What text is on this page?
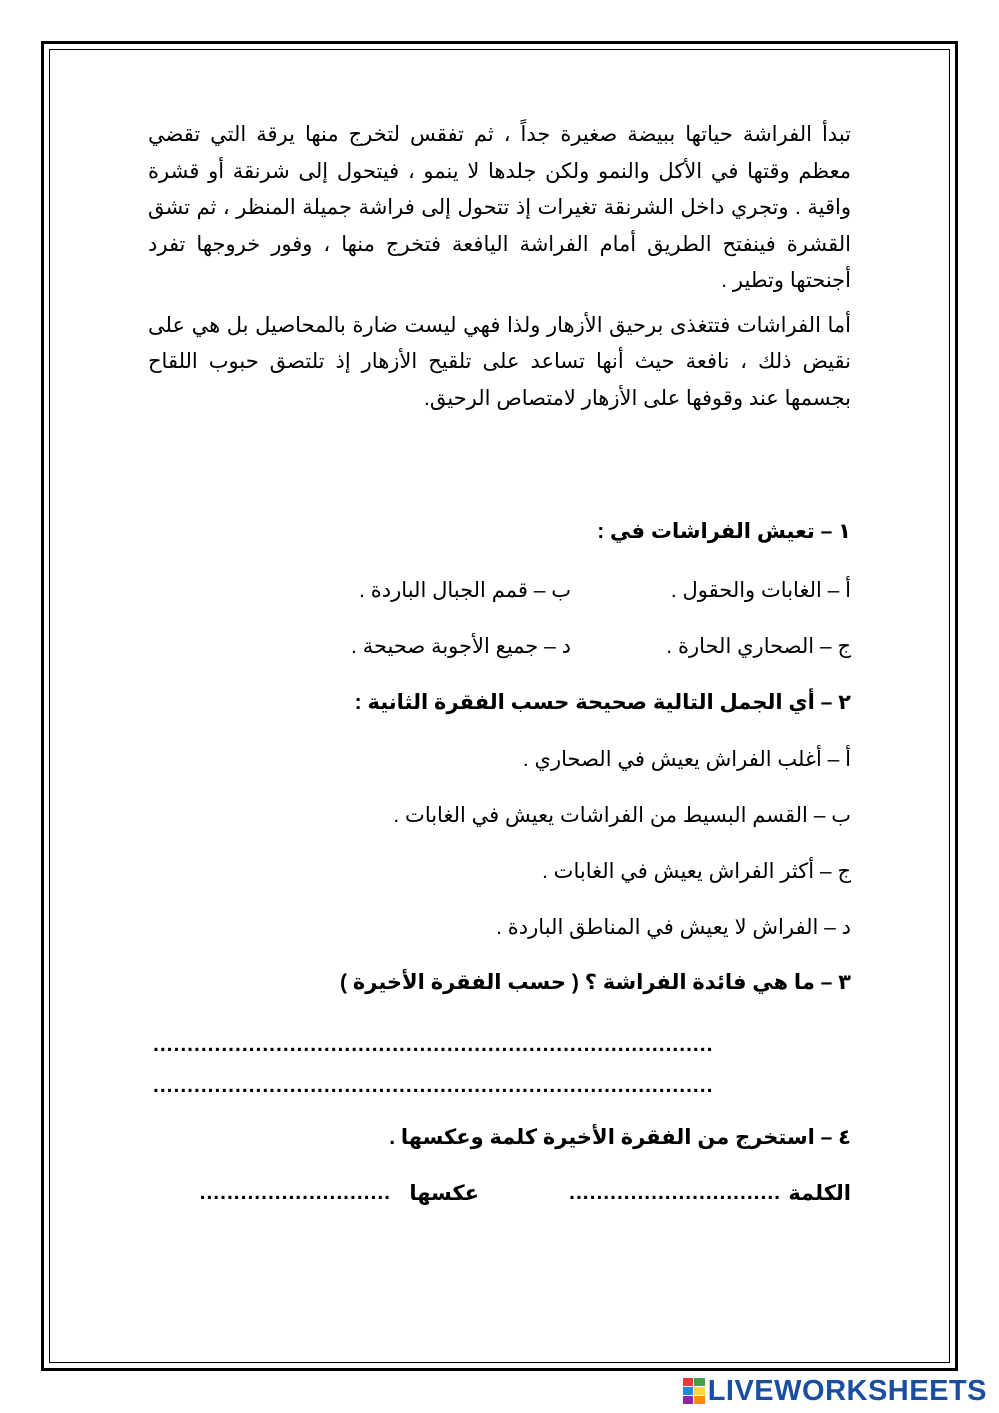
تبدأ الفراشة حياتها ببيضة صغيرة جداً ، ثم تفقس لتخرج منها يرقة التي تقضي معظم وقتها في الأكل والنمو ولكن جلدها لا ينمو ، فيتحول إلى شرنقة أو قشرة واقية . وتجري داخل الشرنقة تغيرات إذ تتحول إلى فراشة جميلة المنظر ، ثم تشق القشرة فينفتح الطريق أمام الفراشة اليافعة فتخرج منها ، وفور خروجها تفرد أجنحتها وتطير .

أما الفراشات فتتغذى برحيق الأزهار ولذا فهي ليست ضارة بالمحاصيل بل هي على نقيض ذلك ، نافعة حيث أنها تساعد على تلقيح الأزهار إذ تلتصق حبوب اللقاح بجسمها عند وقوفها على الأزهار لامتصاص الرحيق.

١ – تعيش الفراشات في :
أ – الغابات والحقول .
ب – قمم الجبال الباردة .
ج – الصحاري الحارة .
د – جميع الأجوبة صحيحة .
٢ – أي الجمل التالية صحيحة حسب الفقرة الثانية :
أ – أغلب الفراش يعيش في الصحاري .
ب – القسم البسيط من الفراشات يعيش في الغابات .
ج – أكثر الفراش يعيش في الغابات .
د – الفراش لا يعيش في المناطق الباردة .
٣ – ما هي فائدة الفراشة ؟ ( حسب الفقرة الأخيرة )
..................................................................................
..................................................................................
٤ – استخرج من الفقرة الأخيرة كلمة وعكسها .
الكلمة
...............................
عكسها
............................
LIVEWORKSHEETS
